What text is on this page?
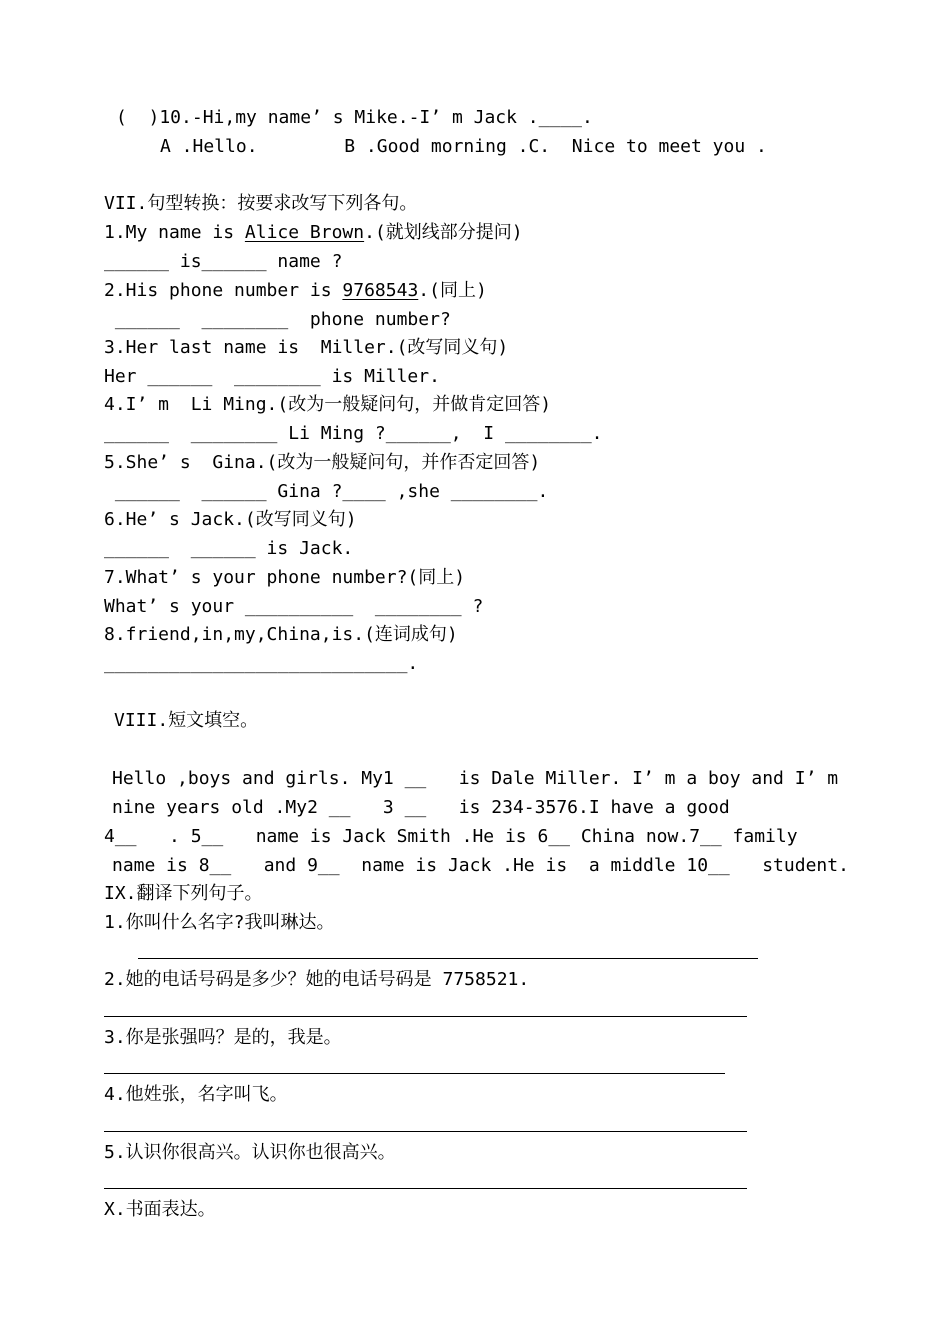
(  )10.-Hi,my name’ s Mike.-I’ m Jack .____.
A .Hello.        B .Good morning .C.  Nice to meet you .
VII.句型转换：按要求改写下列各句。
1.My name is Alice Brown.(就划线部分提问)
______ is______ name ?
2.His phone number is 9768543.(同上)
______  ________  phone number?
3.Her last name is  Miller.(改写同义句)
Her ______  ________ is Miller.
4.I’ m  Li Ming.(改为一般疑问句，并做肯定回答)
______  ________ Li Ming ?______,  I ________.
5.She’ s  Gina.(改为一般疑问句，并作否定回答)
______  ______ Gina ?____ ,she ________.
6.He’ s Jack.(改写同义句)
______  ______ is Jack.
7.What’ s your phone number?(同上)
What’ s your __________  ________ ?
8.friend,in,my,China,is.(连词成句)
____________________________.
VIII.短文填空。
Hello ,boys and girls. My1 __   is Dale Miller. I’ m a boy and I’ m
nine years old .My2 __   3 __   is 234-3576.I have a good
4__   . 5__   name is Jack Smith .He is 6__ China now.7__ family
name is 8__   and 9__  name is Jack .He is  a middle 10__   student.
IX.翻译下列句子。
1.你叫什么名字?我叫琳达。
2.她的电话号码是多少？她的电话号码是 7758521.
3.你是张强吗？是的，我是。
4.他姓张，名字叫飞。
5.认识你很高兴。认识你也很高兴。
X.书面表达。
